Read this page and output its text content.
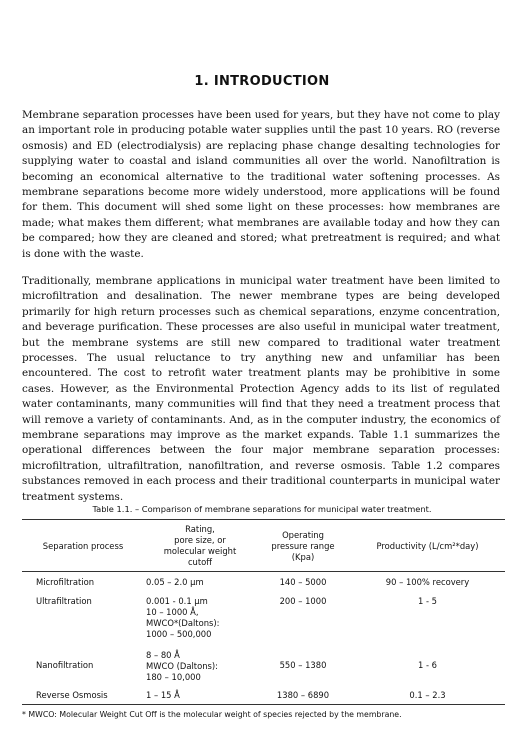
1. INTRODUCTION

Membrane separation processes have been used for years, but they have not come to play an important role in producing potable water supplies until the past 10 years. RO (reverse osmosis) and ED (electrodialysis) are replacing phase change desalting technologies for supplying water to coastal and island communities all over the world. Nanofiltration is becoming an economical alternative to the traditional water softening processes. As membrane separations become more widely understood, more applications will be found for them. This document will shed some light on these processes: how membranes are made; what makes them different; what membranes are available today and how they can be compared; how they are cleaned and stored; what pretreatment is required; and what is done with the waste.

Traditionally, membrane applications in municipal water treatment have been limited to microfiltration and desalination. The newer membrane types are being developed primarily for high return processes such as chemical separations, enzyme concentration, and beverage purification. These processes are also useful in municipal water treatment, but the membrane systems are still new compared to traditional water treatment processes. The usual reluctance to try anything new and unfamiliar has been encountered. The cost to retrofit water treatment plants may be prohibitive in some cases. However, as the Environmental Protection Agency adds to its list of regulated water contaminants, many communities will find that they need a treatment process that will remove a variety of contaminants. And, as in the computer industry, the economics of membrane separations may improve as the market expands. Table 1.1 summarizes the operational differences between the four major membrane separation processes: microfiltration, ultrafiltration, nanofiltration, and reverse osmosis. Table 1.2 compares substances removed in each process and their traditional counterparts in municipal water treatment systems.

Table 1.1. – Comparison of membrane separations for municipal water treatment.
Separation process	Rating,
pore size, or
molecular weight
cutoff	Operating
pressure range
(Kpa)	Productivity (L/cm²*day)
Microfiltration	0.05 – 2.0 µm	140 – 5000	90 – 100% recovery
Ultrafiltration	0.001 - 0.1 µm
10 – 1000 Å,
MWCO*(Daltons):
1000 – 500,000	200 – 1000	1 - 5
Nanofiltration	8 – 80 Å
MWCO (Daltons):
180 – 10,000	550 – 1380	1 - 6
Reverse Osmosis	1 – 15 Å	1380 – 6890	0.1 – 2.3
* MWCO: Molecular Weight Cut Off is the molecular weight of species rejected by the membrane.
